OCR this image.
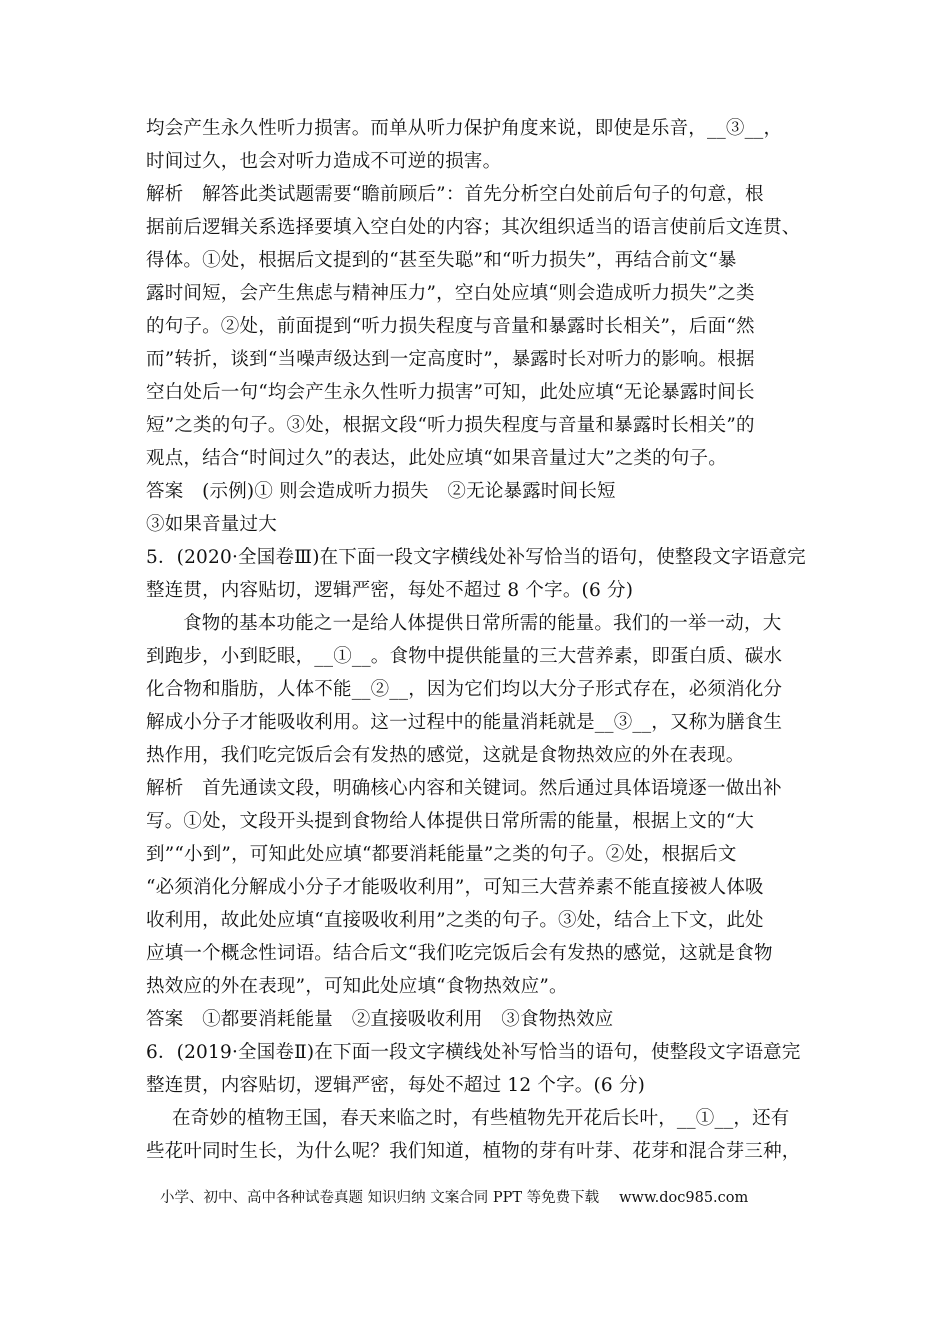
均会产生永久性听力损害。而单从听力保护角度来说，即使是乐音，__③__，
时间过久，也会对听力造成不可逆的损害。
解析　解答此类试题需要“瞻前顾后”：首先分析空白处前后句子的句意，根
据前后逻辑关系选择要填入空白处的内容；其次组织适当的语言使前后文连贯、
得体。①处，根据后文提到的“甚至失聪”和“听力损失”，再结合前文“暴
露时间短，会产生焦虑与精神压力”，空白处应填“则会造成听力损失”之类
的句子。②处，前面提到“听力损失程度与音量和暴露时长相关”，后面“然
而”转折，谈到“当噪声级达到一定高度时”，暴露时长对听力的影响。根据
空白处后一句“均会产生永久性听力损害”可知，此处应填“无论暴露时间长
短”之类的句子。③处，根据文段“听力损失程度与音量和暴露时长相关”的
观点，结合“时间过久”的表达，此处应填“如果音量过大”之类的句子。
答案　(示例)① 则会造成听力损失　②无论暴露时间长短
③如果音量过大
5．(2020·全国卷Ⅲ)在下面一段文字横线处补写恰当的语句，使整段文字语意完
整连贯，内容贴切，逻辑严密，每处不超过 8 个字。(6 分)
食物的基本功能之一是给人体提供日常所需的能量。我们的一举一动，大
到跑步，小到眨眼，__①__。食物中提供能量的三大营养素，即蛋白质、碳水
化合物和脂肪，人体不能__②__，因为它们均以大分子形式存在，必须消化分
解成小分子才能吸收利用。这一过程中的能量消耗就是__③__，又称为膳食生
热作用，我们吃完饭后会有发热的感觉，这就是食物热效应的外在表现。
解析　首先通读文段，明确核心内容和关键词。然后通过具体语境逐一做出补
写。①处，文段开头提到食物给人体提供日常所需的能量，根据上文的“大
到”“小到”，可知此处应填“都要消耗能量”之类的句子。②处，根据后文
“必须消化分解成小分子才能吸收利用”，可知三大营养素不能直接被人体吸
收利用，故此处应填“直接吸收利用”之类的句子。③处，结合上下文，此处
应填一个概念性词语。结合后文“我们吃完饭后会有发热的感觉，这就是食物
热效应的外在表现”，可知此处应填“食物热效应”。
答案　①都要消耗能量　②直接吸收利用　③食物热效应
6．(2019·全国卷Ⅱ)在下面一段文字横线处补写恰当的语句，使整段文字语意完
整连贯，内容贴切，逻辑严密，每处不超过 12 个字。(6 分)
在奇妙的植物王国，春天来临之时，有些植物先开花后长叶，__①__，还有
些花叶同时生长，为什么呢？我们知道，植物的芽有叶芽、花芽和混合芽三种，
小学、初中、高中各种试卷真题 知识归纳 文案合同 PPT 等免费下载 www.doc985.com
